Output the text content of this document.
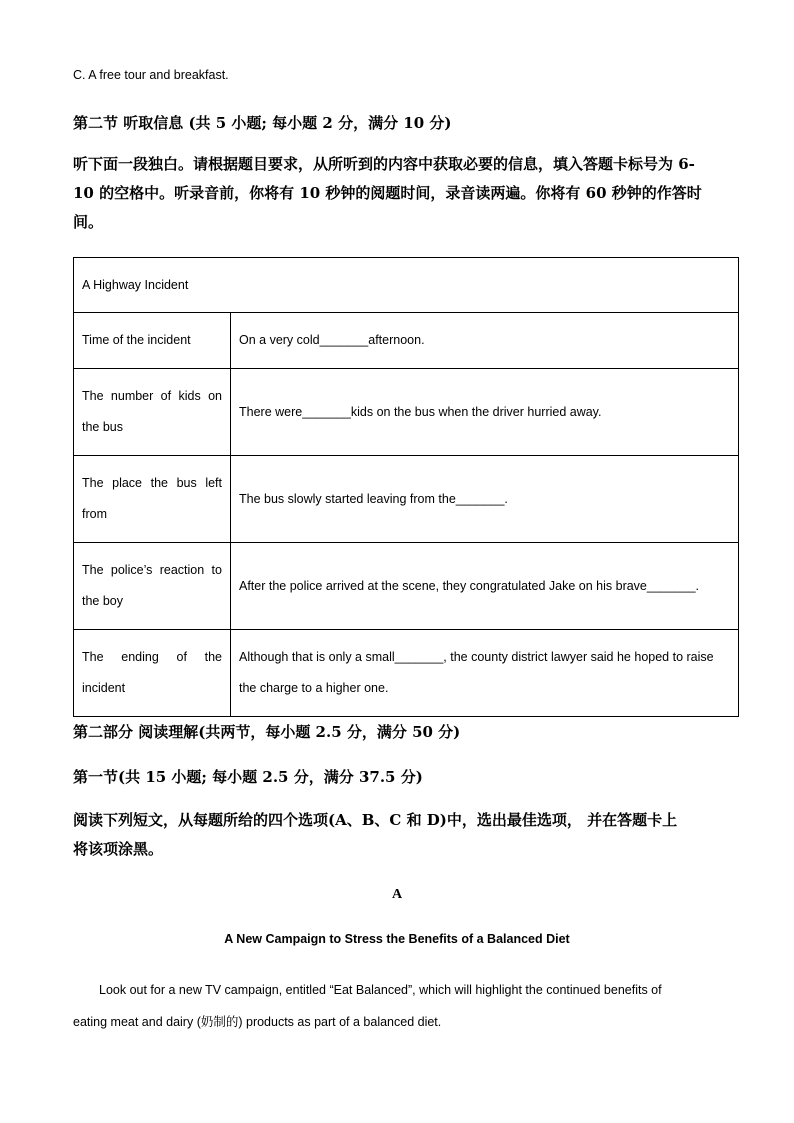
C. A free tour and breakfast.
第二节 听取信息 (共 5 小题; 每小题 2 分，满分 10 分)
听下面一段独白。请根据题目要求，从所听到的内容中获取必要的信息，填入答题卡标号为 6-
10 的空格中。听录音前，你将有 10 秒钟的阅题时间，录音读两遍。你将有 60 秒钟的作答时
间。
A Highway Incident	
Time of the incident	On a very cold_______afternoon.
The number of kids on the bus	There were_______kids on the bus when the driver hurried away.
The place the bus left from	The bus slowly started leaving from the_______.
The police’s reaction to the boy	After the police arrived at the scene, they congratulated Jake on his brave_______.
The ending of the incident	Although that is only a small_______, the county district lawyer said he hoped to raise the charge to a higher one.
第二部分 阅读理解(共两节，每小题 2.5 分，满分 50 分)
第一节(共 15 小题; 每小题 2.5 分，满分 37.5 分)
阅读下列短文，从每题所给的四个选项(A、B、C 和 D)中，选出最佳选项， 并在答题卡上
将该项涂黑。
A
A New Campaign to Stress the Benefits of a Balanced Diet
Look out for a new TV campaign, entitled “Eat Balanced”, which will highlight the continued benefits of
eating meat and dairy (奶制的) products as part of a balanced diet.
